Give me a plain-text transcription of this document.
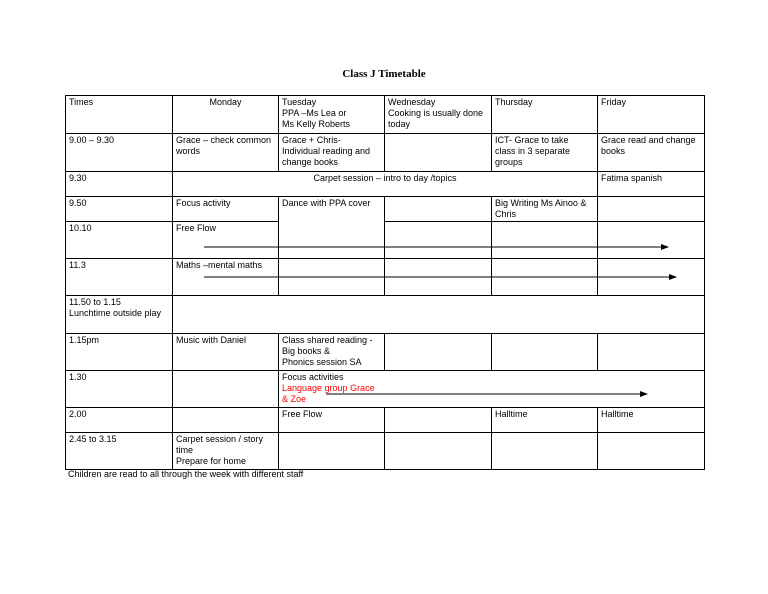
Class J Timetable
Times	Monday	Tuesday
PPA –Ms Lea or
Ms Kelly Roberts	Wednesday
Cooking is usually done
today	Thursday	Friday
9.00 – 9.30	Grace – check common
words	Grace + Chris-
Individual reading and
change books		ICT- Grace to take
class in 3 separate
groups	Grace read and change
books

9.30	Carpet session – intro to day /topics				Fatima spanish
9.50	Focus activity	Dance with PPA cover		Big Writing Ms Ainoo &
Chris	

10.10	Free Flow				
11.3	Maths –mental maths				

11.50 to 1.15
Lunchtime outside play					

1.15pm	Music with Daniel	Class shared reading -
Big books &
Phonics session SA			

1.30		Focus activities
Language group Grace
& Zoe			

2.00		Free Flow		Halltime	Halltime
2.45 to 3.15	Carpet session / story
time
Prepare for home				

Children are read to all through the week with different staff
